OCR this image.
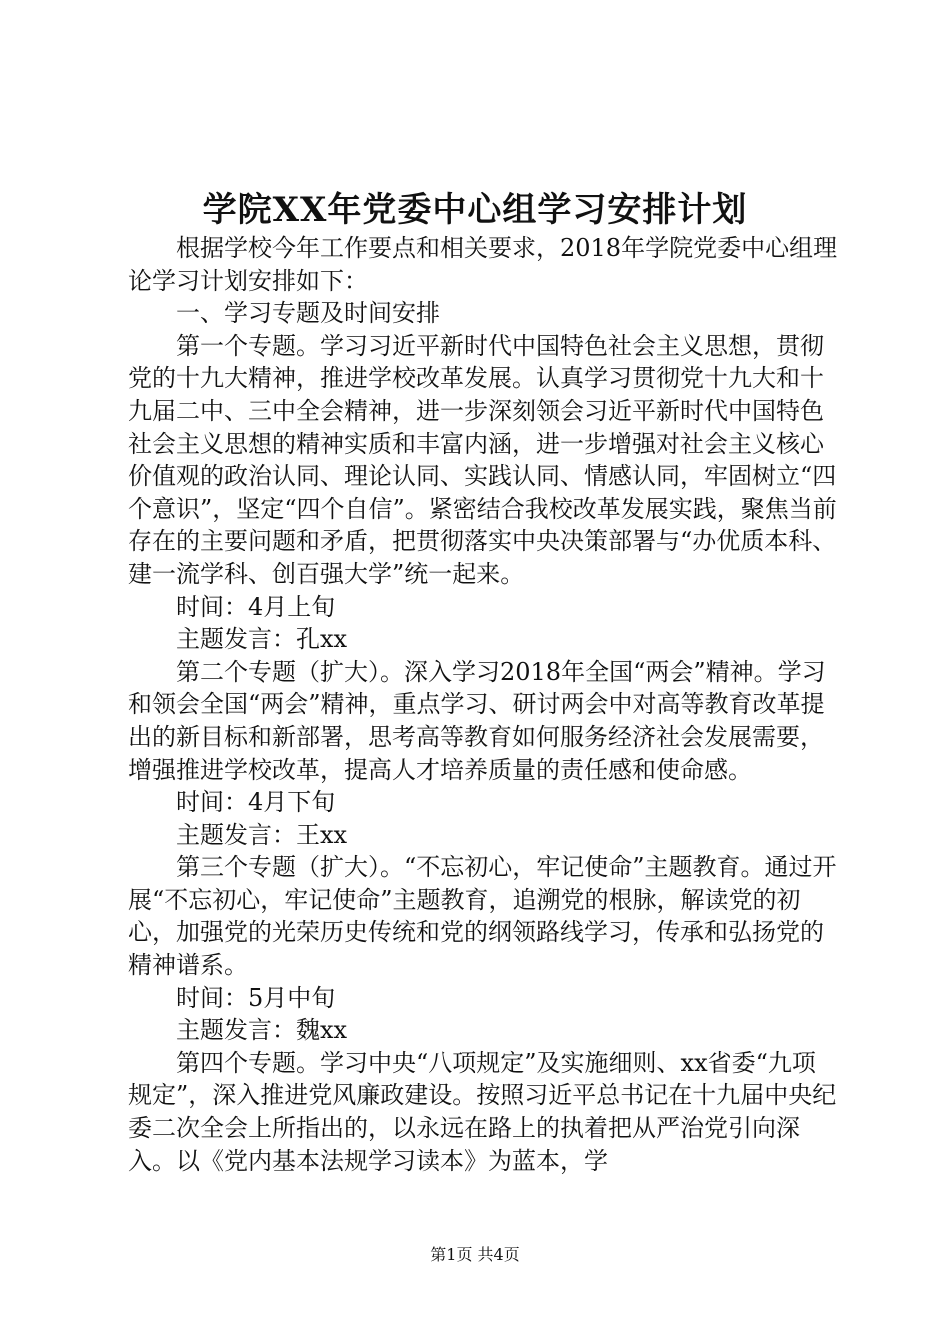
学院XX年党委中心组学习安排计划

根据学校今年工作要点和相关要求，2018年学院党委中心组理论学习计划安排如下：

一、学习专题及时间安排

第一个专题。学习习近平新时代中国特色社会主义思想，贯彻党的十九大精神，推进学校改革发展。认真学习贯彻党十九大和十九届二中、三中全会精神，进一步深刻领会习近平新时代中国特色社会主义思想的精神实质和丰富内涵，进一步增强对社会主义核心价值观的政治认同、理论认同、实践认同、情感认同，牢固树立“四个意识”，坚定“四个自信”。紧密结合我校改革发展实践，聚焦当前存在的主要问题和矛盾，把贯彻落实中央决策部署与“办优质本科、建一流学科、创百强大学”统一起来。

时间：4月上旬

主题发言：孔xx

第二个专题（扩大）。深入学习2018年全国“两会”精神。学习和领会全国“两会”精神，重点学习、研讨两会中对高等教育改革提出的新目标和新部署，思考高等教育如何服务经济社会发展需要，增强推进学校改革，提高人才培养质量的责任感和使命感。

时间：4月下旬

主题发言：王xx

第三个专题（扩大）。“不忘初心，牢记使命”主题教育。通过开展“不忘初心，牢记使命”主题教育，追溯党的根脉，解读党的初心，加强党的光荣历史传统和党的纲领路线学习，传承和弘扬党的精神谱系。

时间：5月中旬

主题发言：魏xx

第四个专题。学习中央“八项规定”及实施细则、xx省委“九项规定”，深入推进党风廉政建设。按照习近平总书记在十九届中央纪委二次全会上所指出的，以永远在路上的执着把从严治党引向深入。以《党内基本法规学习读本》为蓝本，学

第1页 共4页
